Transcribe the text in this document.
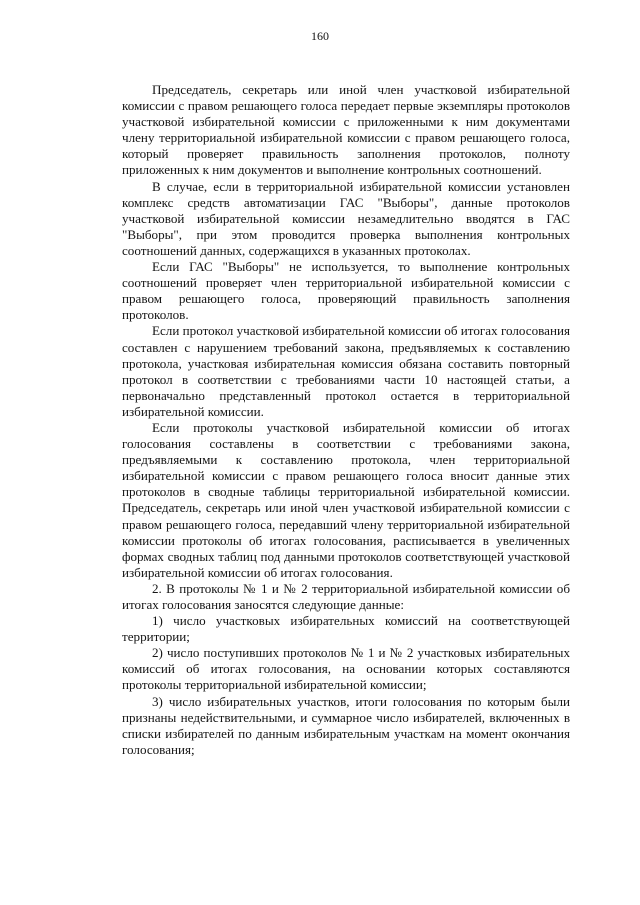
160

Председатель, секретарь или иной член участковой избирательной комиссии с правом решающего голоса передает первые экземпляры протоколов участковой избирательной комиссии с приложенными к ним документами члену территориальной избирательной комиссии с правом решающего голоса, который проверяет правильность заполнения протоколов, полноту приложенных к ним документов и выполнение контрольных соотношений.

В случае, если в территориальной избирательной комиссии установлен комплекс средств автоматизации ГАС "Выборы", данные протоколов участковой избирательной комиссии незамедлительно вводятся в ГАС "Выборы", при этом проводится проверка выполнения контрольных соотношений данных, содержащихся в указанных протоколах.

Если ГАС "Выборы" не используется, то выполнение контрольных соотношений проверяет член территориальной избирательной комиссии с правом решающего голоса, проверяющий правильность заполнения протоколов.

Если протокол участковой избирательной комиссии об итогах голосования составлен с нарушением требований закона, предъявляемых к составлению протокола, участковая избирательная комиссия обязана составить повторный протокол в соответствии с требованиями части 10 настоящей статьи, а первоначально представленный протокол остается в территориальной избирательной комиссии.

Если протоколы участковой избирательной комиссии об итогах голосования составлены в соответствии с требованиями закона, предъявляемыми к составлению протокола, член территориальной избирательной комиссии с правом решающего голоса вносит данные этих протоколов в сводные таблицы территориальной избирательной комиссии. Председатель, секретарь или иной член участковой избирательной комиссии с правом решающего голоса, передавший члену территориальной избирательной комиссии протоколы об итогах голосования, расписывается в увеличенных формах сводных таблиц под данными протоколов соответствующей участковой избирательной комиссии об итогах голосования.

2. В протоколы № 1 и № 2 территориальной избирательной комиссии об итогах голосования заносятся следующие данные:

1) число участковых избирательных комиссий на соответствующей территории;

2) число поступивших протоколов № 1 и № 2 участковых избирательных комиссий об итогах голосования, на основании которых составляются протоколы территориальной избирательной комиссии;

3) число избирательных участков, итоги голосования по которым были признаны недействительными, и суммарное число избирателей, включенных в списки избирателей по данным избирательным участкам на момент окончания голосования;
